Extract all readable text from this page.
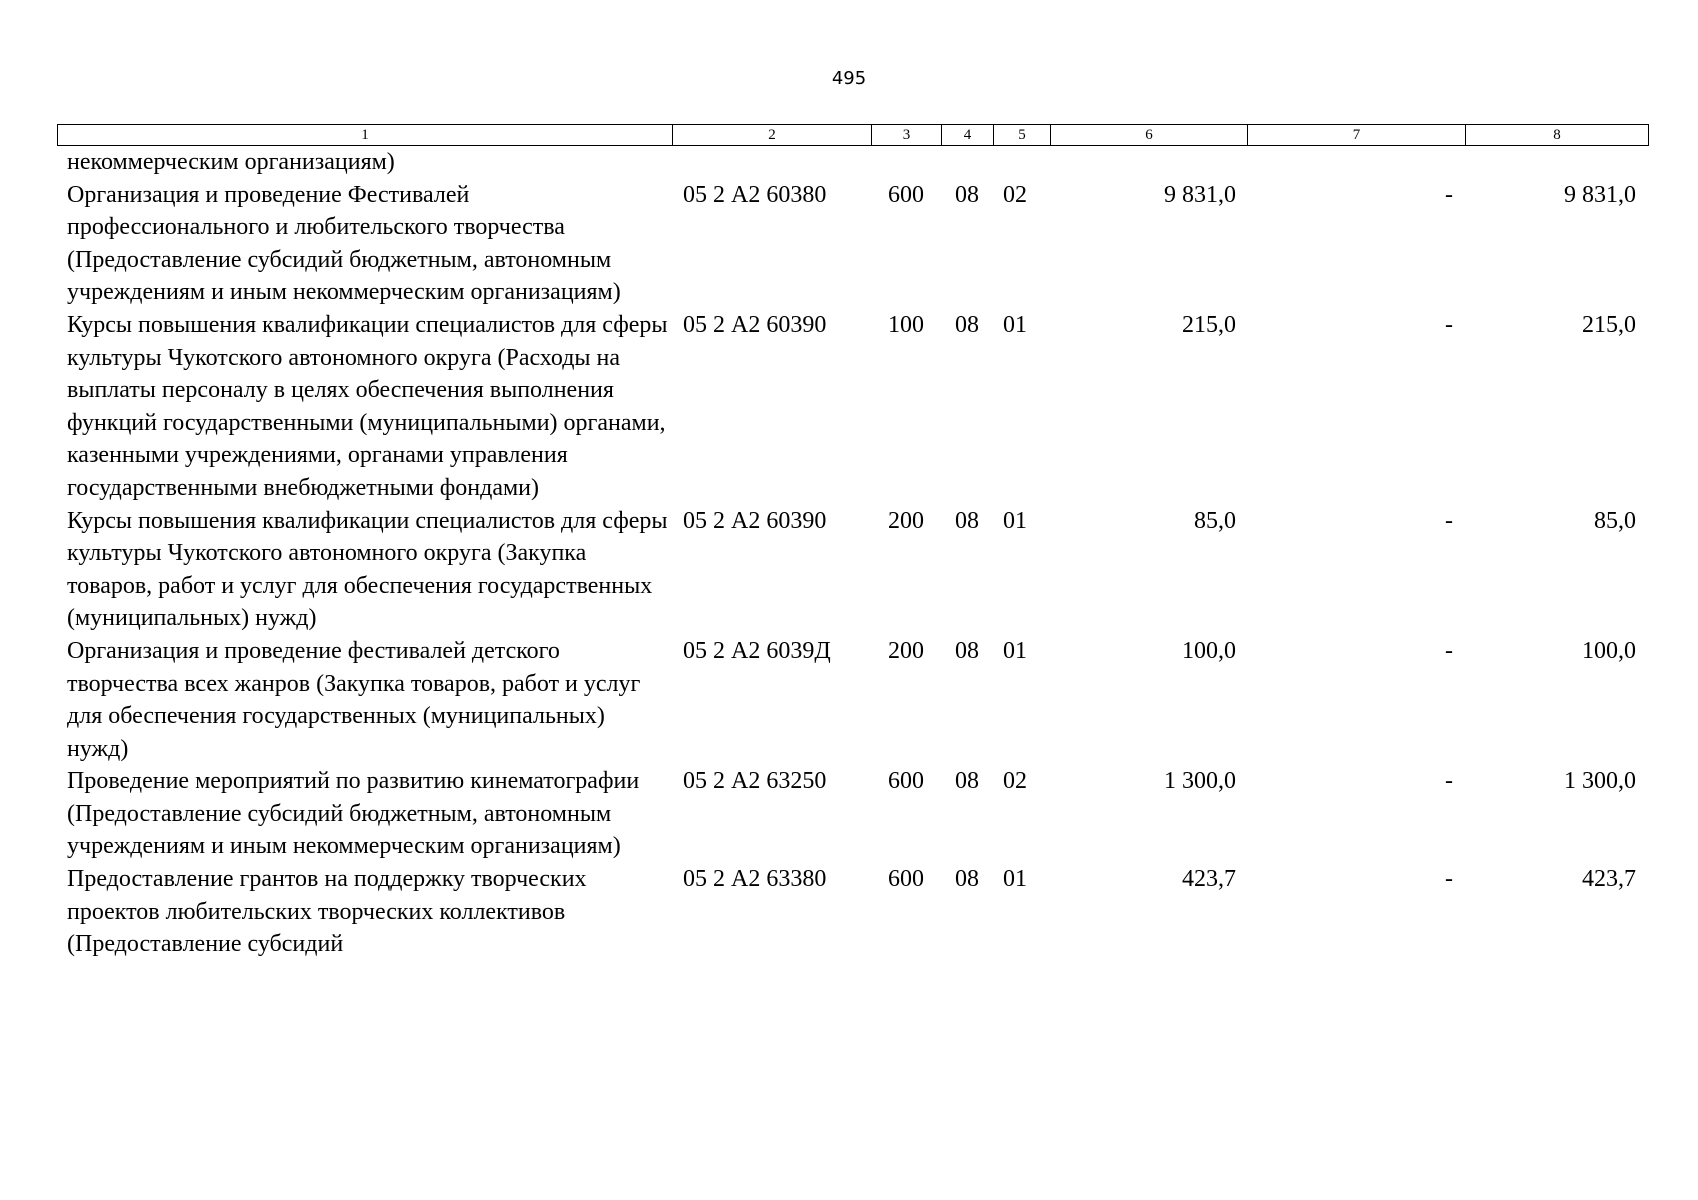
495
1	2	3	4	5	6	7	8
некоммерческим организациям)							
Организация и проведение Фестивалей профессионального и любительского творчества (Предоставление субсидий бюджетным, автономным учреждениям и иным некоммерческим организациям)	05 2 А2 60380	600	08	02	9 831,0	-	9 831,0
Курсы повышения квалификации специалистов для сферы культуры Чукотского автономного округа (Расходы на выплаты персоналу в целях обеспечения выполнения функций государственными (муниципальными) органами, казенными учреждениями, органами управления государственными внебюджетными фондами)	05 2 А2 60390	100	08	01	215,0	-	215,0
Курсы повышения квалификации специалистов для сферы культуры Чукотского автономного округа (Закупка товаров, работ и услуг для обеспечения государственных (муниципальных) нужд)	05 2 А2 60390	200	08	01	85,0	-	85,0
Организация и проведение фестивалей детского творчества всех жанров (Закупка товаров, работ и услуг для обеспечения государственных (муниципальных) нужд)	05 2 А2 6039Д	200	08	01	100,0	-	100,0
Проведение мероприятий по развитию кинематографии (Предоставление субсидий бюджетным, автономным учреждениям и иным некоммерческим организациям)	05 2 А2 63250	600	08	02	1 300,0	-	1 300,0
Предоставление грантов на поддержку творческих проектов любительских творческих коллективов (Предоставление субсидий	05 2 А2 63380	600	08	01	423,7	-	423,7
